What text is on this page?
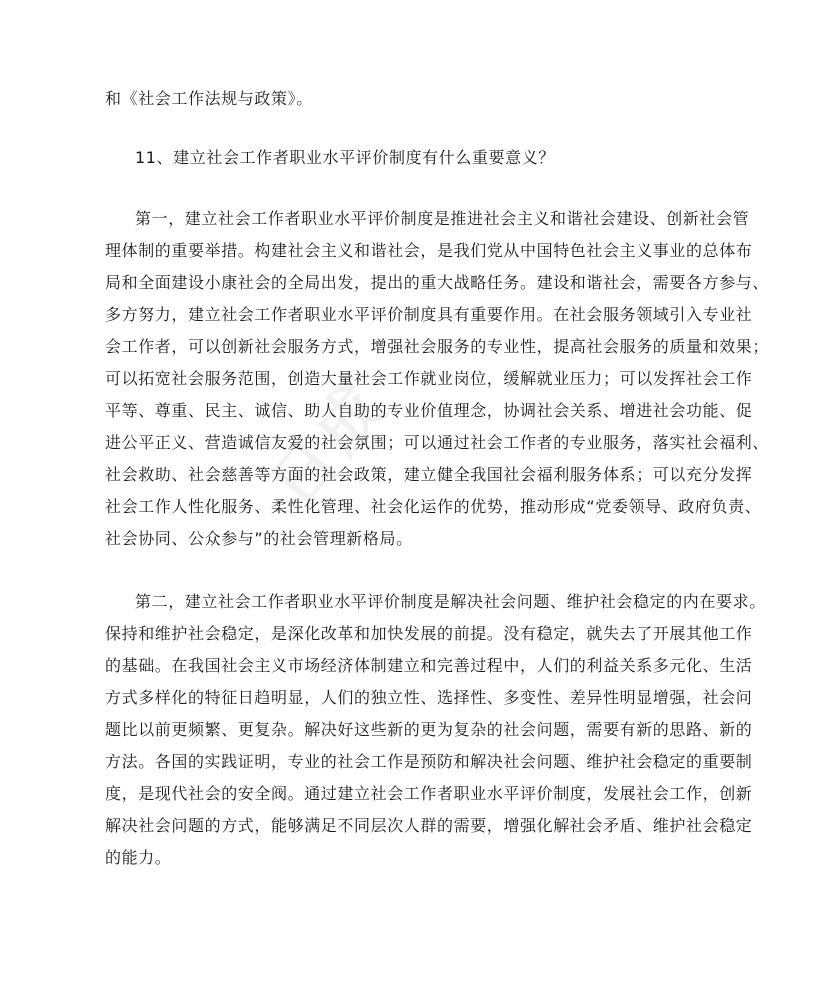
日成
和《社会工作法规与政策》。
11、建立社会工作者职业水平评价制度有什么重要意义？
第一，建立社会工作者职业水平评价制度是推进社会主义和谐社会建设、创新社会管
理体制的重要举措。构建社会主义和谐社会，是我们党从中国特色社会主义事业的总体布
局和全面建设小康社会的全局出发，提出的重大战略任务。建设和谐社会，需要各方参与、
多方努力，建立社会工作者职业水平评价制度具有重要作用。在社会服务领域引入专业社
会工作者，可以创新社会服务方式，增强社会服务的专业性，提高社会服务的质量和效果；
可以拓宽社会服务范围，创造大量社会工作就业岗位，缓解就业压力；可以发挥社会工作
平等、尊重、民主、诚信、助人自助的专业价值理念，协调社会关系、增进社会功能、促
进公平正义、营造诚信友爱的社会氛围；可以通过社会工作者的专业服务，落实社会福利、
社会救助、社会慈善等方面的社会政策，建立健全我国社会福利服务体系；可以充分发挥
社会工作人性化服务、柔性化管理、社会化运作的优势，推动形成“党委领导、政府负责、
社会协同、公众参与”的社会管理新格局。
第二，建立社会工作者职业水平评价制度是解决社会问题、维护社会稳定的内在要求。
保持和维护社会稳定，是深化改革和加快发展的前提。没有稳定，就失去了开展其他工作
的基础。在我国社会主义市场经济体制建立和完善过程中，人们的利益关系多元化、生活
方式多样化的特征日趋明显，人们的独立性、选择性、多变性、差异性明显增强，社会问
题比以前更频繁、更复杂。解决好这些新的更为复杂的社会问题，需要有新的思路、新的
方法。各国的实践证明，专业的社会工作是预防和解决社会问题、维护社会稳定的重要制
度，是现代社会的安全阀。通过建立社会工作者职业水平评价制度，发展社会工作，创新
解决社会问题的方式，能够满足不同层次人群的需要，增强化解社会矛盾、维护社会稳定
的能力。
